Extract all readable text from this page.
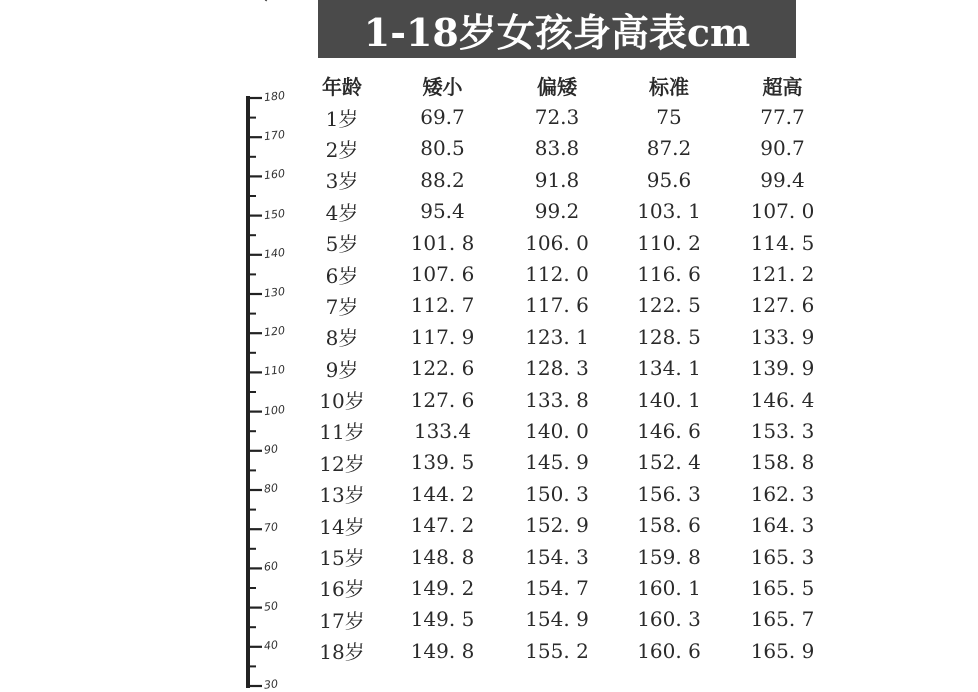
1-18岁女孩身高表cm
180
170
160
150
140
130
120
110
100
90
80
70
60
50
40
30
年龄	矮小	偏矮	标准	超高
1岁	69.7	72.3	75	77.7
2岁	80.5	83.8	87.2	90.7
3岁	88.2	91.8	95.6	99.4
4岁	95.4	99.2	103. 1	107. 0
5岁	101. 8	106. 0	110. 2	114. 5
6岁	107. 6	112. 0	116. 6	121. 2
7岁	112. 7	117. 6	122. 5	127. 6
8岁	117. 9	123. 1	128. 5	133. 9
9岁	122. 6	128. 3	134. 1	139. 9
10岁	127. 6	133. 8	140. 1	146. 4
11岁	133.4	140. 0	146. 6	153. 3
12岁	139. 5	145. 9	152. 4	158. 8
13岁	144. 2	150. 3	156. 3	162. 3
14岁	147. 2	152. 9	158. 6	164. 3
15岁	148. 8	154. 3	159. 8	165. 3
16岁	149. 2	154. 7	160. 1	165. 5
17岁	149. 5	154. 9	160. 3	165. 7
18岁	149. 8	155. 2	160. 6	165. 9
